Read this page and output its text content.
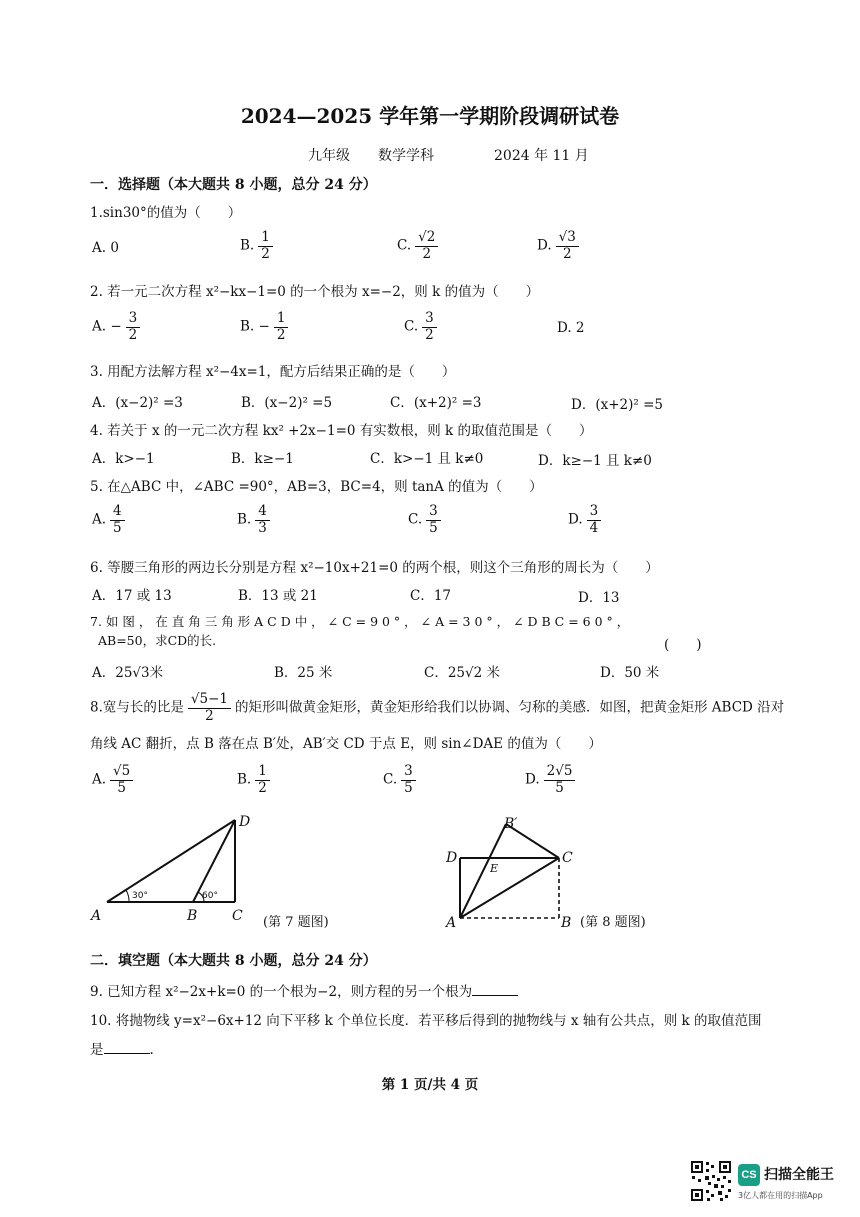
2024—2025 学年第一学期阶段调研试卷
九年级 数学学科	2024 年 11 月
一．选择题（本大题共 8 小题，总分 24 分）
1.sin30°的值为（　　）
A. 0	B. $\frac{1}{2}$	C. $\frac{√2}{2}$	D. $\frac{√3}{2}$
2. 若一元二次方程 x²−kx−1=0 的一个根为 x=−2，则 k 的值为（　　）
A. − $\frac{3}{2}$	B. − $\frac{1}{2}$	C. $\frac{3}{2}$	D. 2
3. 用配方法解方程 x²−4x=1，配方后结果正确的是（　　）
A．(x−2)² =3	B．(x−2)² =5	C．(x+2)² =3	D．(x+2)² =5
4. 若关于 x 的一元二次方程 kx² +2x−1=0 有实数根，则 k 的取值范围是（　　）
A．k>−1	B．k≥−1	C．k>−1 且 k≠0	D．k≥−1 且 k≠0
5. 在△ABC 中，∠ABC =90°，AB=3，BC=4，则 tanA 的值为（　　）
A. $\frac{4}{5}$	B. $\frac{4}{3}$	C. $\frac{3}{5}$	D. $\frac{3}{4}$
6. 等腰三角形的两边长分别是方程 x²−10x+21=0 的两个根，则这个三角形的周长为（　　）
A．17 或 13	B．13 或 21	C．17	D．13
7. 如 图 ， 在 直 角 三 角 形 A C D 中 ， ∠ C = 9 0 ° ， ∠ A = 3 0 ° ， ∠ D B C = 6 0 ° ，
AB=50，求CD的长.	(　　)
A．25√3米	B．25 米	C．25√2 米	D．50 米
8.宽与长的比是 $\frac{√5-1}{2}$ 的矩形叫做黄金矩形，黄金矩形给我们以协调、匀称的美感．如图，把黄金矩形 ABCD 沿对
角线 AC 翻折，点 B 落在点 B′处，AB′交 CD 于点 E，则 sin∠DAE 的值为（　　）
A. $\frac{√5}{5}$	B. $\frac{1}{2}$	C. $\frac{3}{5}$	D. $\frac{2√5}{5}$
A	B C
D
30°	60°
(第 7 题图)	A	B
C
D
E
B′
(第 8 题图)
二．填空题（本大题共 8 小题，总分 24 分）
9. 已知方程 x²−2x+k=0 的一个根为−2，则方程的另一个根为
10. 将抛物线 y=x²−6x+12 向下平移 k 个单位长度．若平移后得到的抛物线与 x 轴有公共点，则 k 的取值范围
是	.
第 1 页/共 4 页
CS 扫描全能王
3亿人都在用的扫描App
